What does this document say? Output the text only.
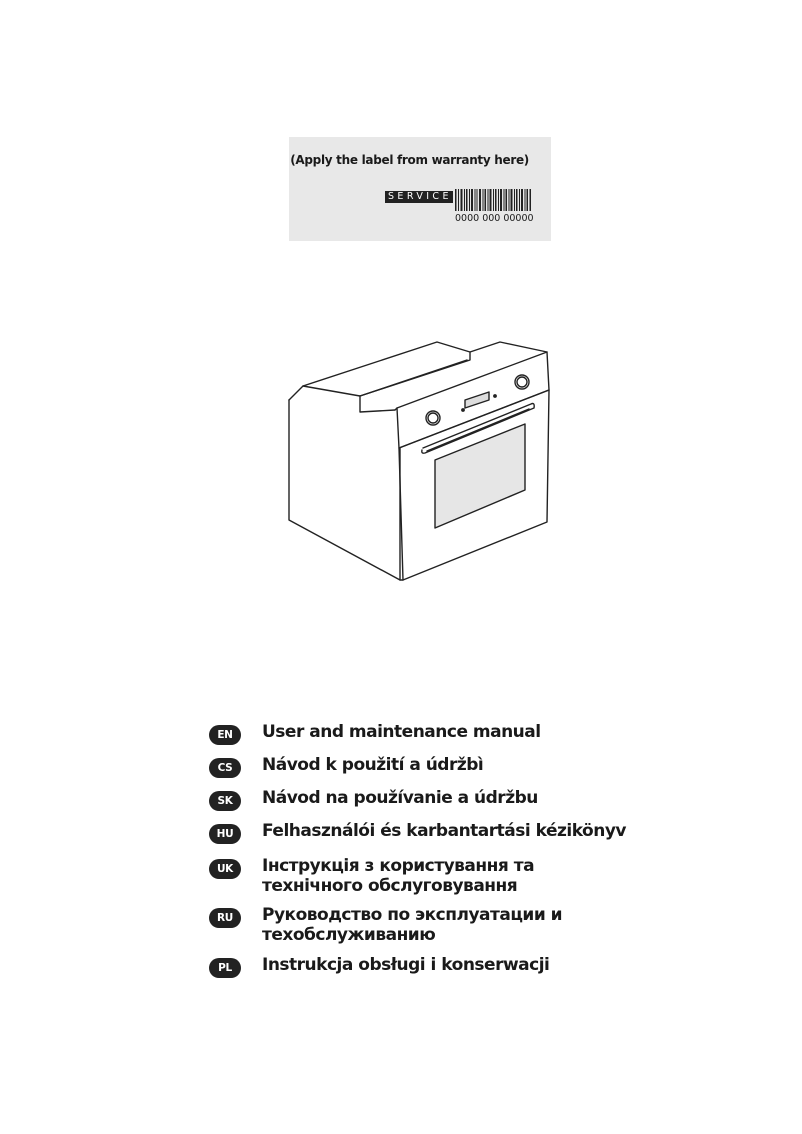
(Apply the label from warranty here)
SERVICE
0000 000 00000
EN	User and maintenance manual
CS	Návod k použití a údržbì
SK	Návod na používanie a údržbu
HU	Felhasználói és karbantartási kézikönyv
UK	Інструкція з користування та
технічного обслуговування
RU	Руководство по эксплуатации и
техобслуживанию
PL	Instrukcja obsługi i konserwacji
